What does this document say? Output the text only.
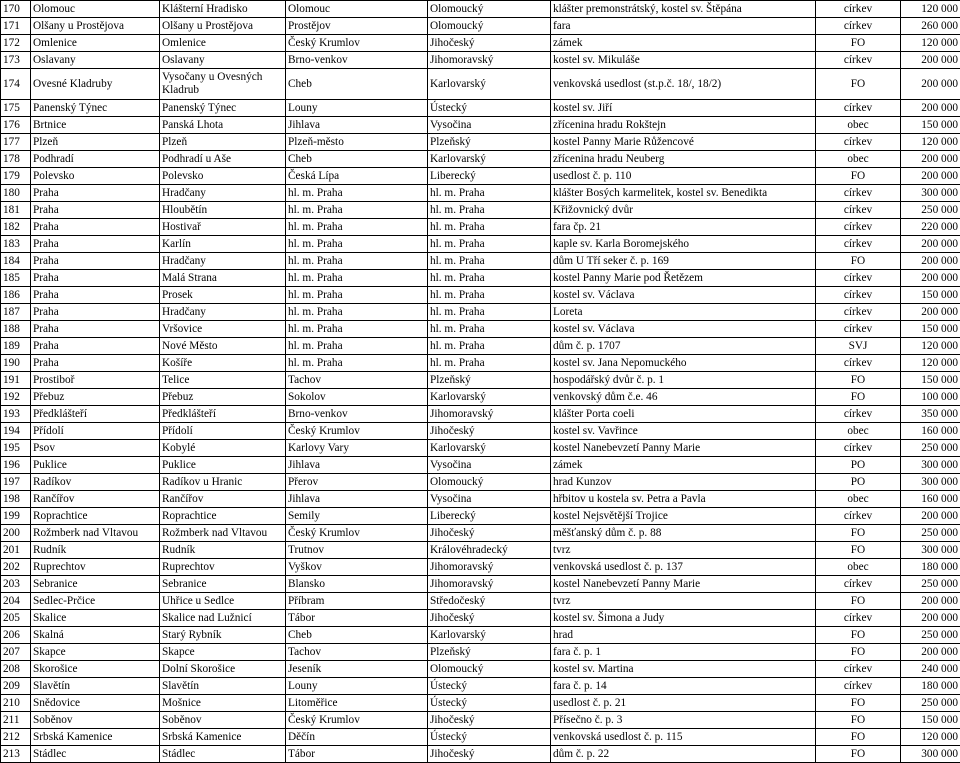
170	Olomouc	Klášterní Hradisko	Olomouc	Olomoucký	klášter premonstrátský, kostel sv. Štěpána	církev	120 000
171	Olšany u Prostějova	Olšany u Prostějova	Prostějov	Olomoucký	fara	církev	260 000
172	Omlenice	Omlenice	Český Krumlov	Jihočeský	zámek	FO	120 000
173	Oslavany	Oslavany	Brno-venkov	Jihomoravský	kostel sv. Mikuláše	církev	200 000
174	Ovesné Kladruby	Vysočany u Ovesných Kladrub	Cheb	Karlovarský	venkovská usedlost (st.p.č. 18/, 18/2)	FO	200 000
175	Panenský Týnec	Panenský Týnec	Louny	Ústecký	kostel sv. Jiří	církev	200 000
176	Brtnice	Panská Lhota	Jihlava	Vysočina	zřícenina hradu Rokštejn	obec	150 000
177	Plzeň	Plzeň	Plzeň-město	Plzeňský	kostel Panny Marie Růžencové	církev	120 000
178	Podhradí	Podhradí u Aše	Cheb	Karlovarský	zřícenina hradu Neuberg	obec	200 000
179	Polevsko	Polevsko	Česká Lípa	Liberecký	usedlost č. p. 110	FO	200 000
180	Praha	Hradčany	hl. m. Praha	hl. m. Praha	klášter Bosých karmelitek, kostel sv. Benedikta	církev	300 000
181	Praha	Hloubětín	hl. m. Praha	hl. m. Praha	Křižovnický dvůr	církev	250 000
182	Praha	Hostivař	hl. m. Praha	hl. m. Praha	fara čp. 21	církev	220 000
183	Praha	Karlín	hl. m. Praha	hl. m. Praha	kaple sv. Karla Boromejského	církev	200 000
184	Praha	Hradčany	hl. m. Praha	hl. m. Praha	dům U Tří seker č. p. 169	FO	200 000
185	Praha	Malá Strana	hl. m. Praha	hl. m. Praha	kostel Panny Marie pod Řetězem	církev	200 000
186	Praha	Prosek	hl. m. Praha	hl. m. Praha	kostel sv. Václava	církev	150 000
187	Praha	Hradčany	hl. m. Praha	hl. m. Praha	Loreta	církev	200 000
188	Praha	Vršovice	hl. m. Praha	hl. m. Praha	kostel sv. Václava	církev	150 000
189	Praha	Nové Město	hl. m. Praha	hl. m. Praha	dům č. p. 1707	SVJ	120 000
190	Praha	Košíře	hl. m. Praha	hl. m. Praha	kostel sv. Jana Nepomuckého	církev	120 000
191	Prostiboř	Telice	Tachov	Plzeňský	hospodářský dvůr č. p. 1	FO	150 000
192	Přebuz	Přebuz	Sokolov	Karlovarský	venkovský dům č.e. 46	FO	100 000
193	Předklášteří	Předklášteří	Brno-venkov	Jihomoravský	klášter Porta coeli	církev	350 000
194	Přídolí	Přídolí	Český Krumlov	Jihočeský	kostel sv. Vavřince	obec	160 000
195	Psov	Kobylé	Karlovy Vary	Karlovarský	kostel Nanebevzetí Panny Marie	církev	250 000
196	Puklice	Puklice	Jihlava	Vysočina	zámek	PO	300 000
197	Radíkov	Radíkov u Hranic	Přerov	Olomoucký	hrad Kunzov	PO	300 000
198	Rančířov	Rančířov	Jihlava	Vysočina	hřbitov u kostela sv. Petra a Pavla	obec	160 000
199	Roprachtice	Roprachtice	Semily	Liberecký	kostel Nejsvětější Trojice	církev	200 000
200	Rožmberk nad Vltavou	Rožmberk nad Vltavou	Český Krumlov	Jihočeský	měšťanský dům č. p. 88	FO	250 000
201	Rudník	Rudník	Trutnov	Královéhradecký	tvrz	FO	300 000
202	Ruprechtov	Ruprechtov	Vyškov	Jihomoravský	venkovská usedlost č. p. 137	obec	180 000
203	Sebranice	Sebranice	Blansko	Jihomoravský	kostel Nanebevzetí Panny Marie	církev	250 000
204	Sedlec-Prčice	Uhřice u Sedlce	Příbram	Středočeský	tvrz	FO	200 000
205	Skalice	Skalice nad Lužnicí	Tábor	Jihočeský	kostel sv. Šimona a Judy	církev	200 000
206	Skalná	Starý Rybník	Cheb	Karlovarský	hrad	FO	250 000
207	Skapce	Skapce	Tachov	Plzeňský	fara č. p. 1	FO	200 000
208	Skorošice	Dolní Skorošice	Jeseník	Olomoucký	kostel sv. Martina	církev	240 000
209	Slavětín	Slavětín	Louny	Ústecký	fara č. p. 14	církev	180 000
210	Snědovice	Mošnice	Litoměřice	Ústecký	usedlost č. p. 21	FO	250 000
211	Soběnov	Soběnov	Český Krumlov	Jihočeský	Přísečno č. p. 3	FO	150 000
212	Srbská Kamenice	Srbská Kamenice	Děčín	Ústecký	venkovská usedlost č. p. 115	FO	120 000
213	Stádlec	Stádlec	Tábor	Jihočeský	dům č. p. 22	FO	300 000
